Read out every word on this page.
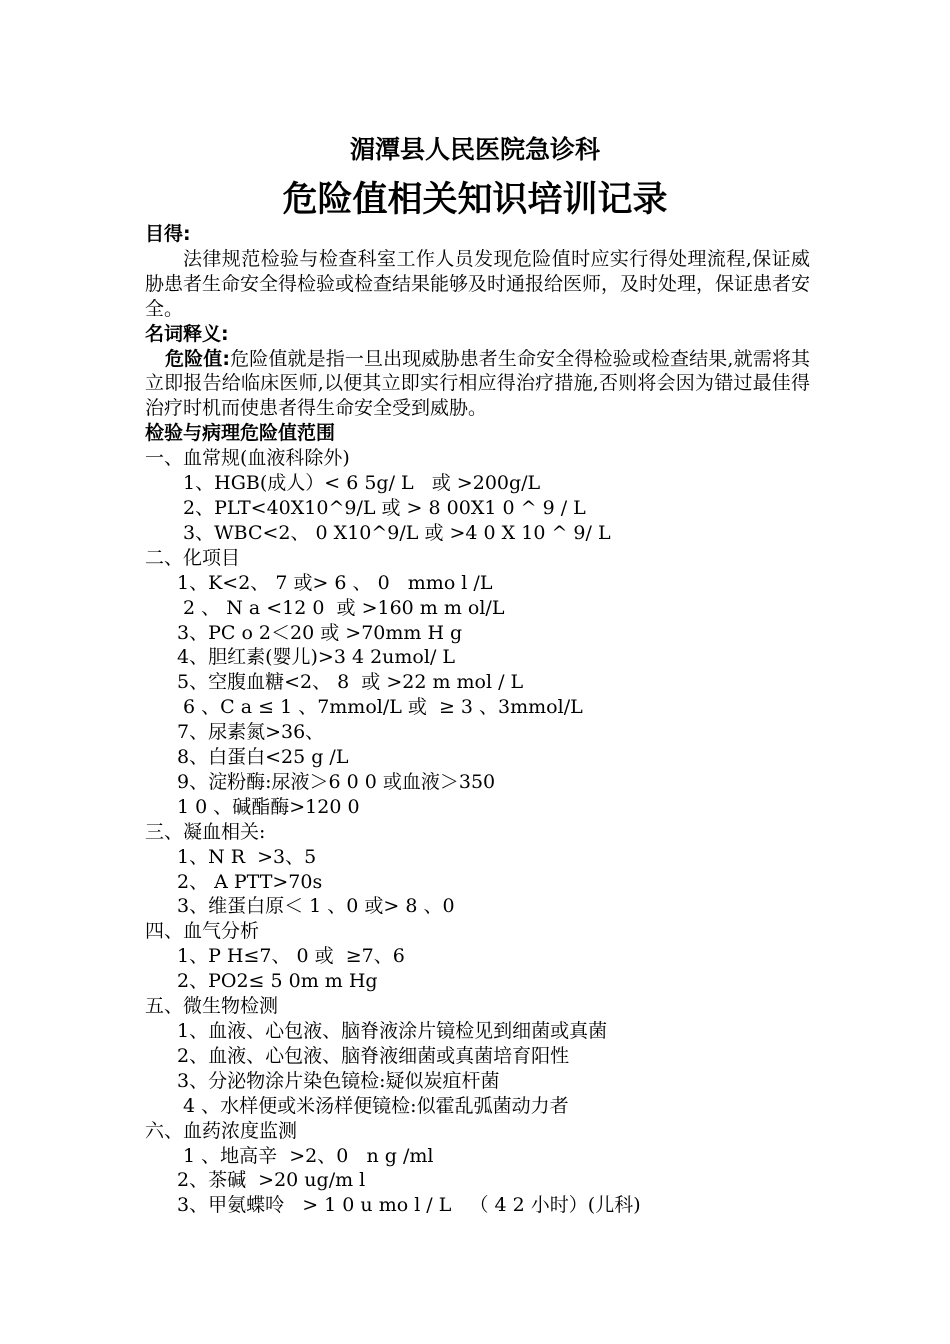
湄潭县人民医院急诊科
危险值相关知识培训记录
目得:
法律规范检验与检查科室工作人员发现危险值时应实行得处理流程,保证威胁患者生命安全得检验或检查结果能够及时通报给医师，及时处理，保证患者安全。
名词释义:
危险值:危险值就是指一旦出现威胁患者生命安全得检验或检查结果,就需将其立即报告给临床医师,以便其立即实行相应得治疗措施,否则将会因为错过最佳得治疗时机而使患者得生命安全受到威胁。
检验与病理危险值范围
一、血常规(血液科除外)
1、HGB(成人）< 6 5g/ L   或 >200g/L
2、PLT<40X10^9/L 或 > 8 00X1 0 ^ 9 / L
3、WBC<2、 0 X10^9/L 或 >4 0 X 10 ^ 9/ L
二、化项目
1、K<2、 7 或> 6 、 0   mmo l /L
2 、 N a <12 0  或 >160 m m ol/L
3、PC o 2＜20 或 >70mm H g
4、胆红素(婴儿)>3 4 2umol/ L
5、空腹血糖<2、 8  或 >22 m mol / L
6 、C a ≤ 1 、7mmol/L 或  ≥ 3 、3mmol/L
7、尿素氮>36、
8、白蛋白<25 g /L
9、淀粉酶:尿液＞6 0 0 或血液＞350
1 0 、碱酯酶>120 0
三、凝血相关:
1、N R  >3、5
2、 A PTT>70s
3、维蛋白原＜ 1 、0 或> 8 、0
四、血气分析
1、P H≤7、 0 或  ≥7、6
2、PO2≤ 5 0m m Hg
五、微生物检测
1、血液、心包液、脑脊液涂片镜检见到细菌或真菌
2、血液、心包液、脑脊液细菌或真菌培育阳性
3、分泌物涂片染色镜检:疑似炭疽杆菌
4 、水样便或米汤样便镜检:似霍乱弧菌动力者
六、血药浓度监测
1 、地高辛  >2、0   n g /ml
2、茶碱  >20 ug/m l
3、甲氨蝶呤   > 1 0 u mo l / L   （ 4 2 小时）(儿科)
